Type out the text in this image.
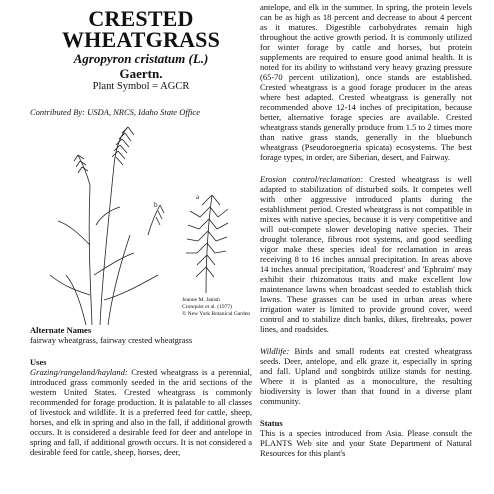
CRESTED WHEATGRASS
Agropyron cristatum (L.)
Gaertn.
Plant Symbol = AGCR
Contributed By: USDA, NRCS, Idaho State Office
b
a
Jeanne M. Janish
Cronquist et al. (1977)
© New York Botanical Garden
Alternate Names
fairway wheatgrass, fairway crested wheatgrass
Uses
Grazing/rangeland/hayland: Crested wheatgrass is a perennial, introduced grass commonly seeded in the arid sections of the western United States. Crested wheatgrass is commonly recommended for forage production. It is palatable to all classes of livestock and wildlife. It is a preferred feed for cattle, sheep, horses, and elk in spring and also in the fall, if additional growth occurs. It is considered a desirable feed for deer and antelope in spring and fall, if additional growth occurs. It is not considered a desirable feed for cattle, sheep, horses, deer,
antelope, and elk in the summer. In spring, the protein levels can be as high as 18 percent and decrease to about 4 percent as it matures. Digestible carbohydrates remain high throughout the active growth period. It is commonly utilized for winter forage by cattle and horses, but protein supplements are required to ensure good animal health. It is noted for its ability to withstand very heavy grazing pressure (65-70 percent utilization), once stands are established. Crested wheatgrass is a good forage producer in the areas where best adapted. Crested wheatgrass is generally not recommended above 12-14 inches of precipitation, because better, alternative forage species are available. Crested wheatgrass stands generally produce from 1.5 to 2 times more than native grass stands, generally in the bluebunch wheatgrass (Pseudoroegneria spicata) ecosystems. The best forage types, in order, are Siberian, desert, and Fairway.
Erosion control/reclamation: Crested wheatgrass is well adapted to stabilization of disturbed soils. It competes well with other aggressive introduced plants during the establishment period. Crested wheatgrass is not compatible in mixes with native species, because it is very competitive and will out-compete slower developing native species. Their drought tolerance, fibrous root systems, and good seedling vigor make these species ideal for reclamation in areas receiving 8 to 16 inches annual precipitation. In areas above 14 inches annual precipitation, 'Roadcrest' and 'Ephraim' may exhibit their rhizomatous traits and make excellent low maintenance lawns when broadcast seeded to establish thick lawns. These grasses can be used in urban areas where irrigation water is limited to provide ground cover, weed control and to stabilize ditch banks, dikes, firebreaks, power lines, and roadsides.
Wildlife: Birds and small rodents eat crested wheatgrass seeds. Deer, antelope, and elk graze it, especially in spring and fall. Upland and songbirds utilize stands for nesting. Where it is planted as a monoculture, the resulting biodiversity is lower than that found in a diverse plant community.
Status
This is a species introduced from Asia. Please consult the PLANTS Web site and your State Department of Natural Resources for this plant's
